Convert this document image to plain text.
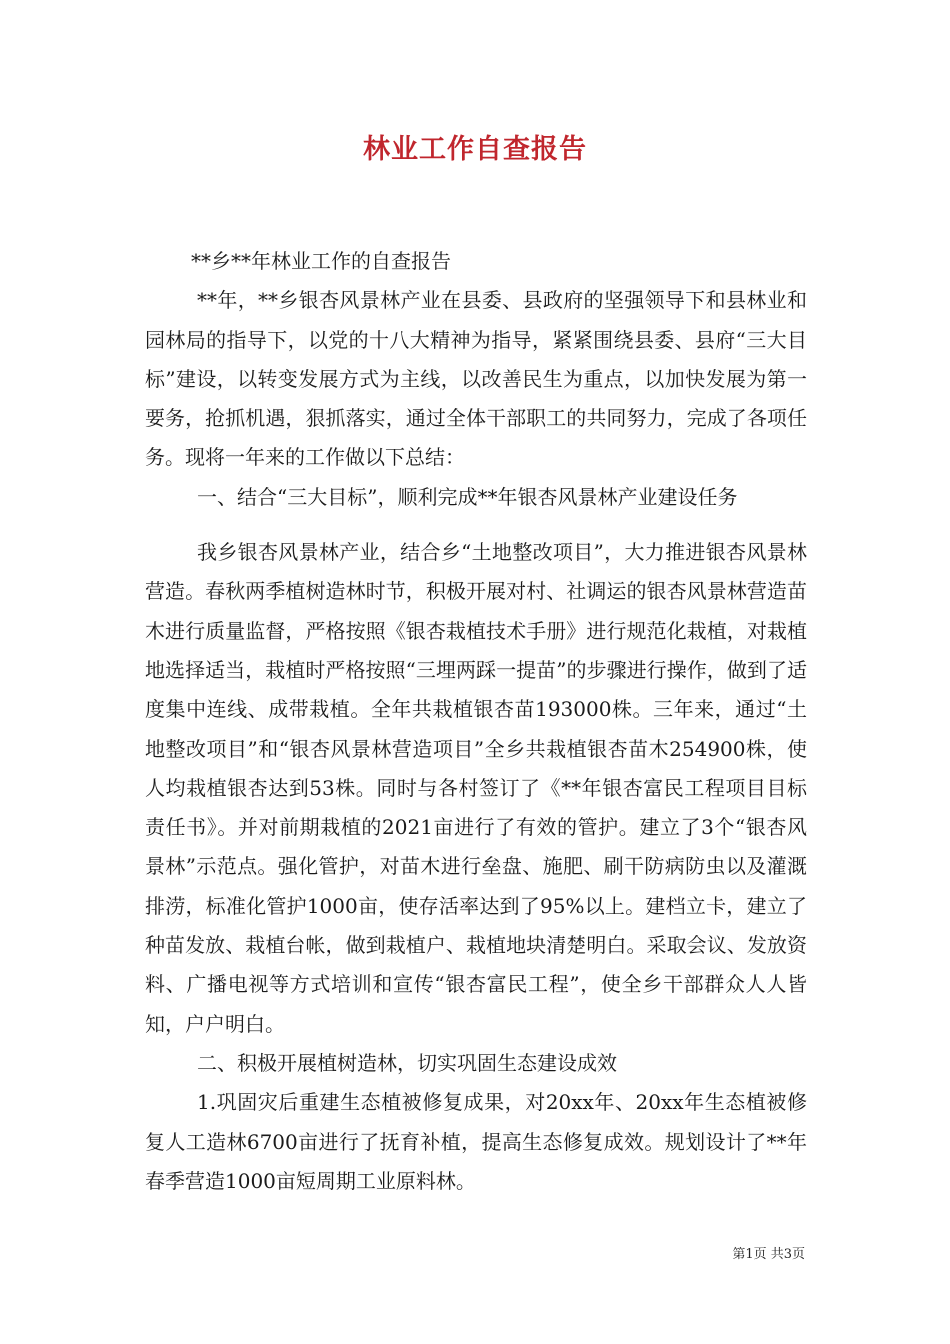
林业工作自查报告

**乡**年林业工作的自查报告

**年，**乡银杏风景林产业在县委、县政府的坚强领导下和县林业和园林局的指导下，以党的十八大精神为指导，紧紧围绕县委、县府“三大目标”建设，以转变发展方式为主线，以改善民生为重点，以加快发展为第一要务，抢抓机遇，狠抓落实，通过全体干部职工的共同努力，完成了各项任务。现将一年来的工作做以下总结：

一、结合“三大目标”，顺利完成**年银杏风景林产业建设任务

我乡银杏风景林产业，结合乡“土地整改项目”，大力推进银杏风景林营造。春秋两季植树造林时节，积极开展对村、社调运的银杏风景林营造苗木进行质量监督，严格按照《银杏栽植技术手册》进行规范化栽植，对栽植地选择适当，栽植时严格按照“三埋两踩一提苗”的步骤进行操作，做到了适度集中连线、成带栽植。全年共栽植银杏苗193000株。三年来，通过“土地整改项目”和“银杏风景林营造项目”全乡共栽植银杏苗木254900株，使人均栽植银杏达到53株。同时与各村签订了《**年银杏富民工程项目目标责任书》。并对前期栽植的2021亩进行了有效的管护。建立了3个“银杏风景林”示范点。强化管护，对苗木进行垒盘、施肥、刷干防病防虫以及灌溉排涝，标准化管护1000亩，使存活率达到了95%以上。建档立卡，建立了种苗发放、栽植台帐，做到栽植户、栽植地块清楚明白。采取会议、发放资料、广播电视等方式培训和宣传“银杏富民工程”，使全乡干部群众人人皆知，户户明白。

二、积极开展植树造林，切实巩固生态建设成效

1.巩固灾后重建生态植被修复成果，对20xx年、20xx年生态植被修复人工造林6700亩进行了抚育补植，提高生态修复成效。规划设计了**年春季营造1000亩短周期工业原料林。

第1页 共3页
